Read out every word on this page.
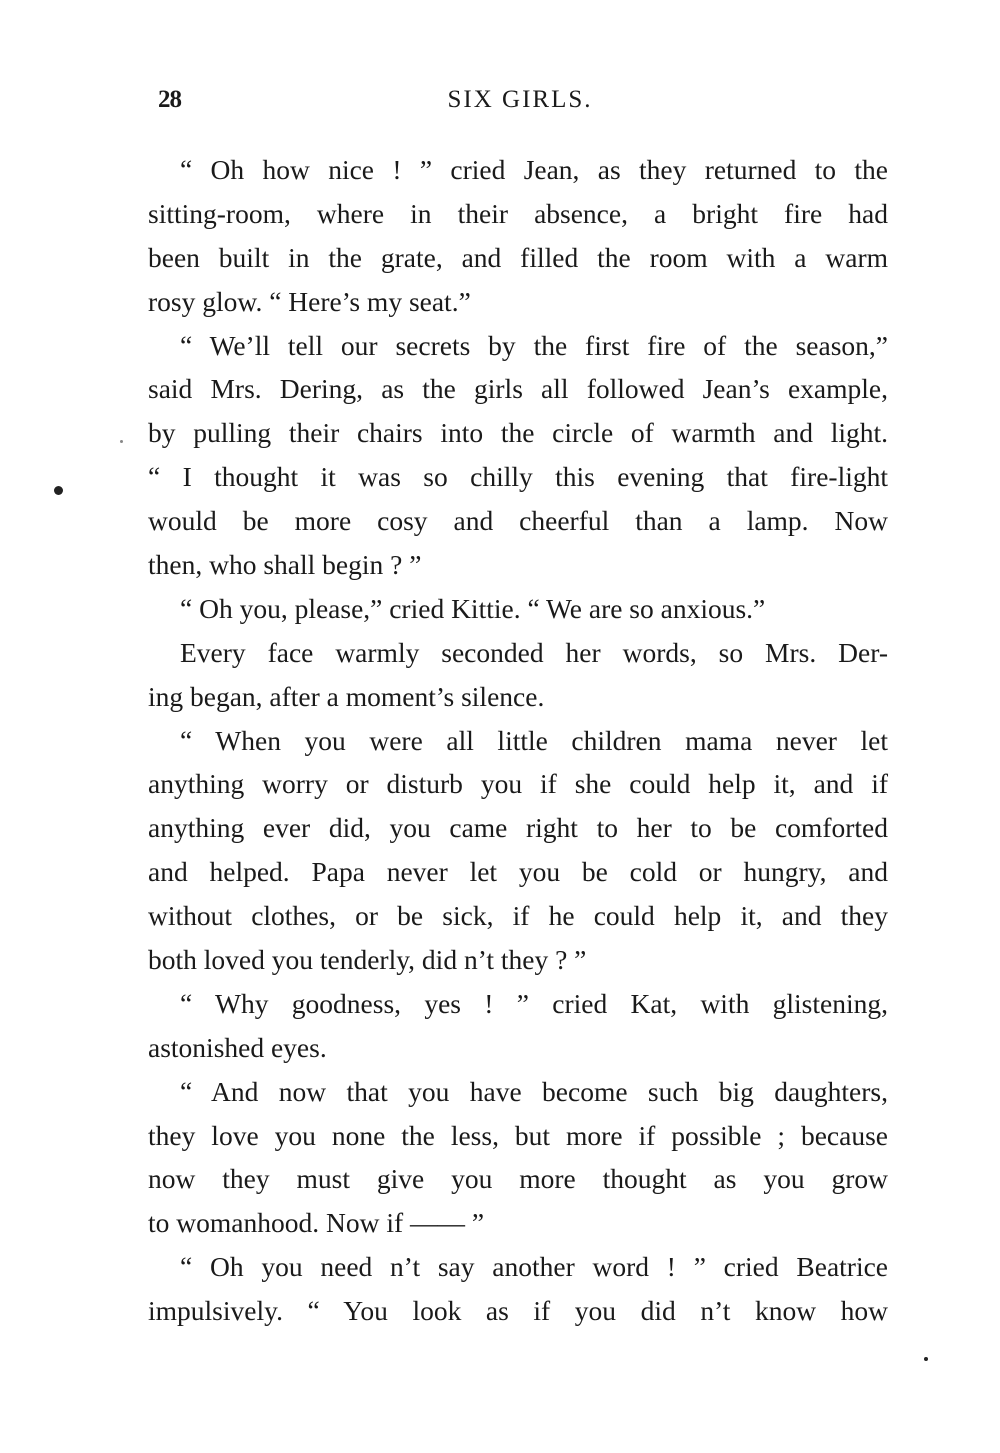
28	SIX GIRLS.
“ Oh how nice ! ” cried Jean, as they returned to the
sitting-room, where in their absence, a bright fire had
been built in the grate, and filled the room with a warm
rosy glow. “ Here’s my seat.”
“ We’ll tell our secrets by the first fire of the season,”
said Mrs. Dering, as the girls all followed Jean’s example,
by pulling their chairs into the circle of warmth and light.
“ I thought it was so chilly this evening that fire-light
would be more cosy and cheerful than a lamp. Now
then, who shall begin ? ”
“ Oh you, please,” cried Kittie. “ We are so anxious.”
Every face warmly seconded her words, so Mrs. Der-
ing began, after a moment’s silence.
“ When you were all little children mama never let
anything worry or disturb you if she could help it, and if
anything ever did, you came right to her to be comforted
and helped. Papa never let you be cold or hungry, and
without clothes, or be sick, if he could help it, and they
both loved you tenderly, did n’t they ? ”
“ Why goodness, yes ! ” cried Kat, with glistening,
astonished eyes.
“ And now that you have become such big daughters,
they love you none the less, but more if possible ; because
now they must give you more thought as you grow
to womanhood. Now if —— ”
“ Oh you need n’t say another word ! ” cried Beatrice
impulsively. “ You look as if you did n’t know how
